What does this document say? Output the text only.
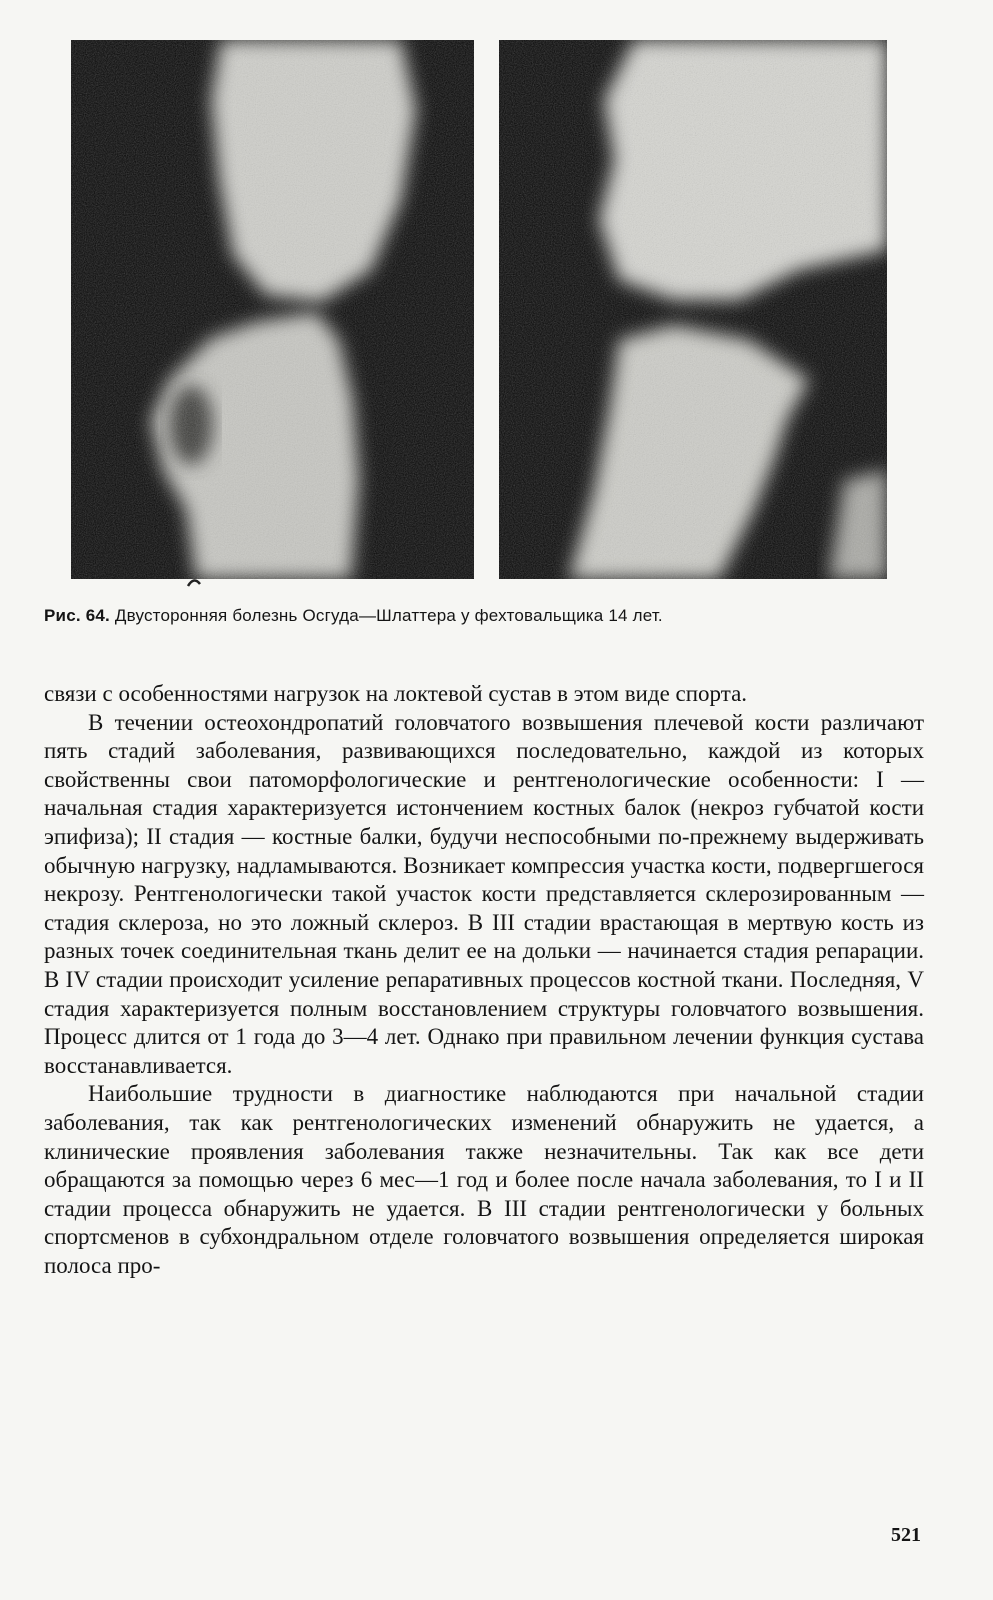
Рис. 64. Двусторонняя болезнь Осгуда—Шлаттера у фехтовальщика 14 лет.

связи с особенностями нагрузок на локтевой сустав в этом виде спорта.

В течении остеохондропатий головчатого возвышения плечевой кости различают пять стадий заболевания, развивающихся последовательно, каждой из которых свойственны свои патоморфологические и рентгенологические особенности: I — начальная стадия характеризуется истончением костных балок (некроз губчатой кости эпифиза); II стадия — костные балки, будучи неспособными по-прежнему выдерживать обычную нагрузку, надламываются. Возникает компрессия участка кости, подвергшегося некрозу. Рентгенологически такой участок кости представляется склерозированным — стадия склероза, но это ложный склероз. В III стадии врастающая в мертвую кость из разных точек соединительная ткань делит ее на дольки — начинается стадия репарации. В IV стадии происходит усиление репаративных процессов костной ткани. Последняя, V стадия характеризуется полным восстановлением структуры головчатого возвышения. Процесс длится от 1 года до 3—4 лет. Однако при правильном лечении функция сустава восстанавливается.

Наибольшие трудности в диагностике наблюдаются при начальной стадии заболевания, так как рентгенологических изменений обнаружить не удается, а клинические проявления заболевания также незначительны. Так как все дети обращаются за помощью через 6 мес—1 год и более после начала заболевания, то I и II стадии процесса обнаружить не удается. В III стадии рентгенологически у больных спортсменов в субхондральном отделе головчатого возвышения определяется широкая полоса про-

521
